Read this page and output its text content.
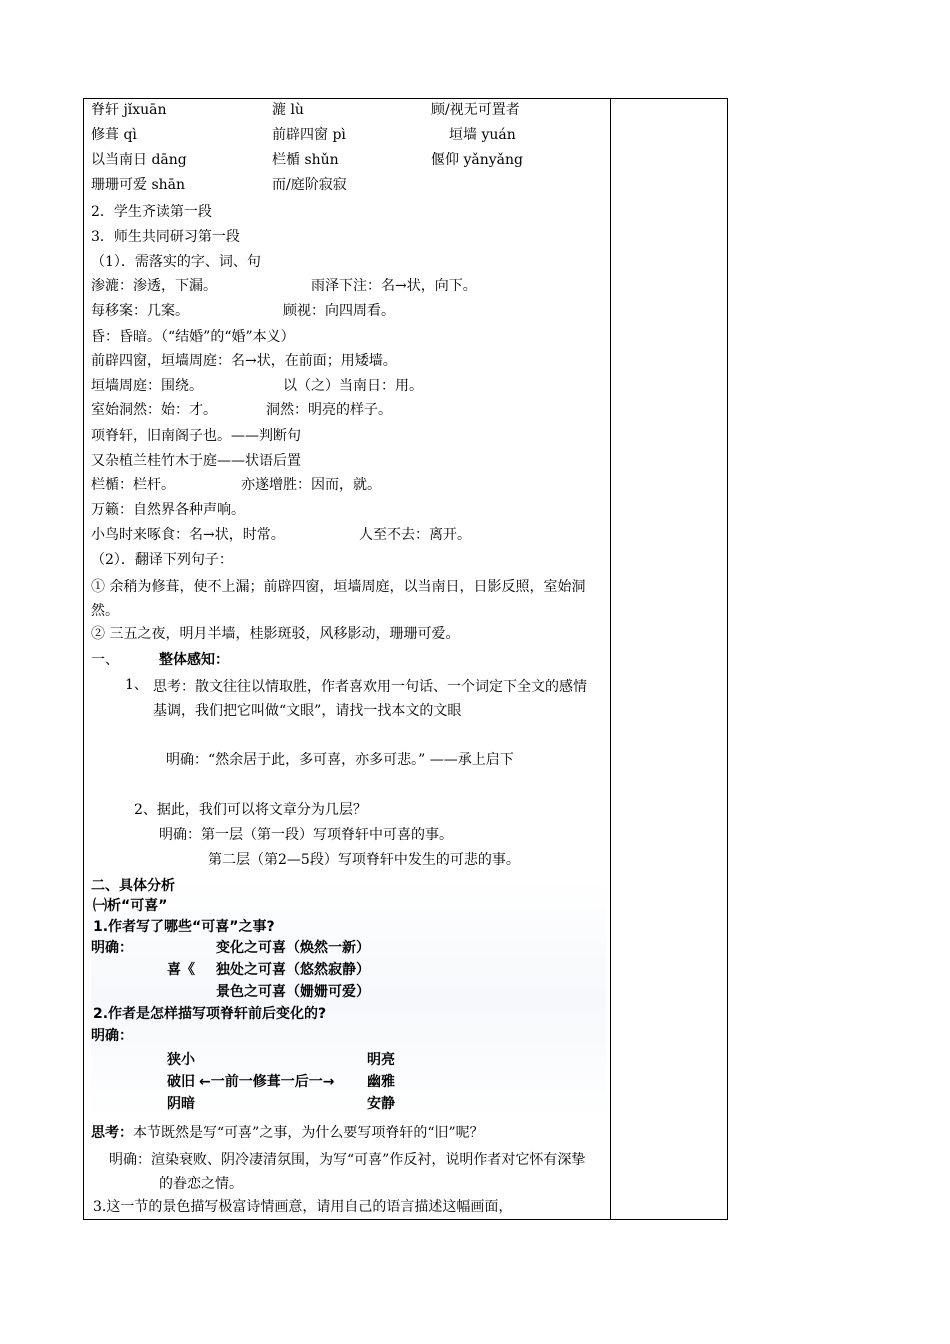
脊轩 jǐxuān	漉 lù	顾/视无可置者
修葺 qì	前辟四窗 pì	垣墙 yuán
以当南日 dāng	栏楯 shǔn	偃仰 yǎnyǎng
珊珊可爱 shān	而/庭阶寂寂
2．学生齐读第一段
3．师生共同研习第一段
（1）．需落实的字、词、句
渗漉：渗透，下漏。	雨泽下注：名→状，向下。
每移案：几案。	顾视：向四周看。
昏：昏暗。（“结婚”的“婚”本义）
前辟四窗，垣墙周庭：名→状，在前面；用矮墙。
垣墙周庭：围绕。	以（之）当南日：用。
室始洞然：始：才。	洞然：明亮的样子。
项脊轩，旧南阁子也。——判断句
又杂植兰桂竹木于庭——状语后置
栏楯：栏杆。	亦遂增胜：因而，就。
万籁：自然界各种声响。
小鸟时来啄食：名→状，时常。	人至不去：离开。
（2）．翻译下列句子：
① 余稍为修葺，使不上漏；前辟四窗，垣墙周庭，以当南日，日影反照，室始洞然。
② 三五之夜，明月半墙，桂影斑驳，风移影动，珊珊可爱。
一、	整体感知：
1、 思考：散文往往以情取胜，作者喜欢用一句话、一个词定下全文的感情基调，我们把它叫做“文眼”，请找一找本文的文眼
明确：“然余居于此，多可喜，亦多可悲。” ——承上启下
2、据此，我们可以将文章分为几层？
明确：第一层（第一段）写项脊轩中可喜的事。
第二层（第2—5段）写项脊轩中发生的可悲的事。
二、具体分析
㈠析“可喜”
1.作者写了哪些“可喜”之事?
明确：	变化之可喜（焕然一新）
喜《 独处之可喜（悠然寂静）
景色之可喜（姗姗可爱）
2.作者是怎样描写项脊轩前后变化的?
明确：
狭小	明亮
破旧 ←一前一修葺一后一→ 幽雅
阴暗	安静
思考：本节既然是写“可喜”之事，为什么要写项脊轩的“旧”呢？
明确：渲染衰败、阴冷凄清氛围，为写“可喜”作反衬，说明作者对它怀有深挚的眷恋之情。
3.这一节的景色描写极富诗情画意，请用自己的语言描述这幅画面，
